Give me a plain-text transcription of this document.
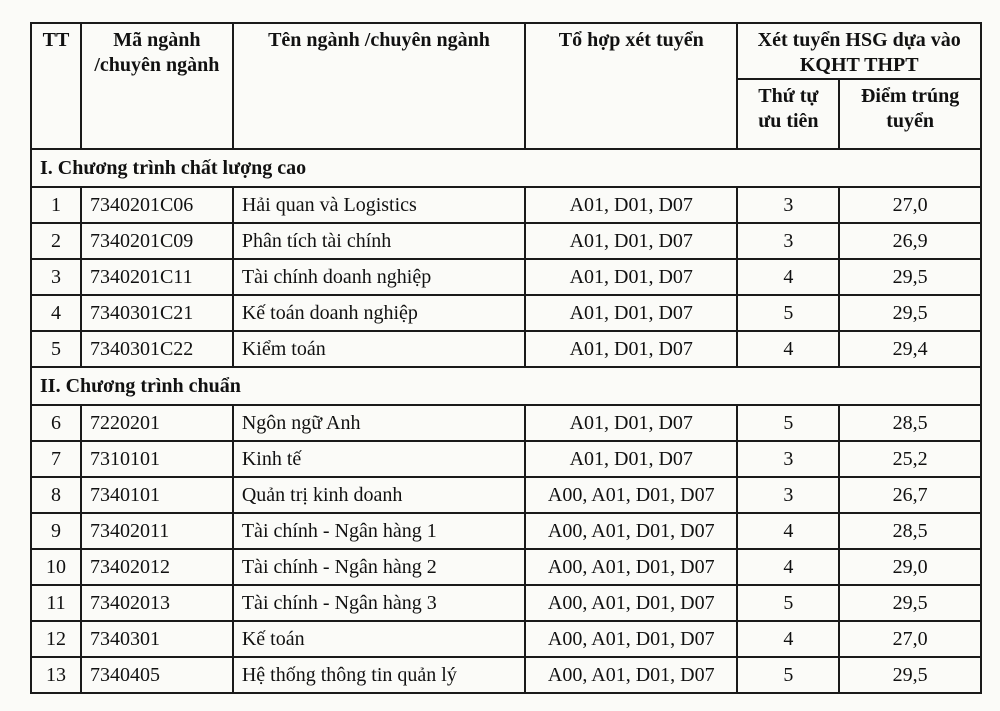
TT	Mã ngành /chuyên ngành	Tên ngành /chuyên ngành	Tổ hợp xét tuyển	Xét tuyển HSG dựa vào KQHT THPT	
				Thứ tự ưu tiên	Điểm trúng tuyển
I. Chương trình chất lượng cao					
1	7340201C06	Hải quan và Logistics	A01, D01, D07	3	27,0
2	7340201C09	Phân tích tài chính	A01, D01, D07	3	26,9
3	7340201C11	Tài chính doanh nghiệp	A01, D01, D07	4	29,5
4	7340301C21	Kế toán doanh nghiệp	A01, D01, D07	5	29,5
5	7340301C22	Kiểm toán	A01, D01, D07	4	29,4
II. Chương trình chuẩn					
6	7220201	Ngôn ngữ Anh	A01, D01, D07	5	28,5
7	7310101	Kinh tế	A01, D01, D07	3	25,2
8	7340101	Quản trị kinh doanh	A00, A01, D01, D07	3	26,7
9	73402011	Tài chính - Ngân hàng 1	A00, A01, D01, D07	4	28,5
10	73402012	Tài chính - Ngân hàng 2	A00, A01, D01, D07	4	29,0
11	73402013	Tài chính - Ngân hàng 3	A00, A01, D01, D07	5	29,5
12	7340301	Kế toán	A00, A01, D01, D07	4	27,0
13	7340405	Hệ thống thông tin quản lý	A00, A01, D01, D07	5	29,5
